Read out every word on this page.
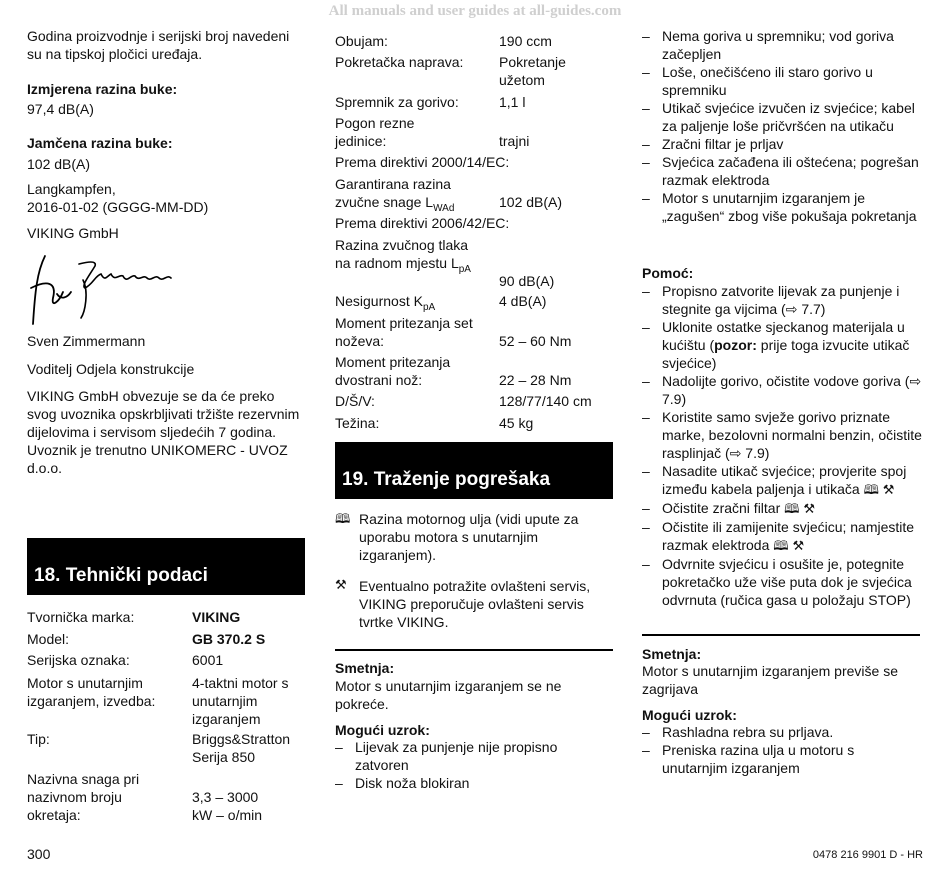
All manuals and user guides at all-guides.com

Godina proizvodnje i serijski broj navedeni su na tipskoj pločici uređaja.

Izmjerena razina buke:

97,4 dB(A)

Jamčena razina buke:

102 dB(A)

Langkampfen,

2016-01-02 (GGGG-MM-DD)

VIKING GmbH

Sven Zimmermann

Voditelj Odjela konstrukcije

VIKING GmbH obvezuje se da će preko svog uvoznika opskrbljivati tržište rezervnim dijelovima i servisom sljedećih 7 godina. Uvoznik je trenutno UNIKOMERC - UVOZ d.o.o.

18. Tehnički podaci
Tvornička marka:	VIKING
Model:	GB 370.2 S
Serijska oznaka:	6001
Motor s unutarnjim izgaranjem, izvedba:
4-taktni motor s unutarnjim izgaranjem
Tip:	Briggs&Stratton Serija 850
Nazivna snaga pri nazivnom broju okretaja:
3,3 – 3000 kW – o/min

300

Obujam:	190 ccm
Pokretačka naprava:	Pokretanje užetom
Spremnik za gorivo:	1,1 l
Pogon rezne jedinice:	trajni
Prema direktivi 2000/14/EC:
Garantirana razina zvučne snage $L_{WAd}$	102 dB(A)
Prema direktivi 2006/42/EC:
Razina zvučnog tlaka na radnom mjestu $L_{pA}$
90 dB(A)
Nesigurnost $K_{pA}$	4 dB(A)
Moment pritezanja set noževa:	52 – 60 Nm
Moment pritezanja dvostrani nož:	22 – 28 Nm
D/Š/V:	128/77/140 cm
Težina:	45 kg
19. Traženje pogrešaka
🕮 Razina motornog ulja (vidi upute za uporabu motora s unutarnjim izgaranjem).

⚒ Eventualno potražite ovlašteni servis, VIKING preporučuje ovlašteni servis tvrtke VIKING.

Smetnja:

Motor s unutarnjim izgaranjem se ne pokreće.

Mogući uzrok:

– Lijevak za punjenje nije propisno zatvoren
– Disk noža blokiran
– Nema goriva u spremniku; vod goriva začepljen
– Loše, onečišćeno ili staro gorivo u spremniku
– Utikač svjećice izvučen iz svjećice; kabel za paljenje loše pričvršćen na utikaču
– Zračni filtar je prljav
– Svjećica začađena ili oštećena; pogrešan razmak elektroda
– Motor s unutarnjim izgaranjem je „zagušen“ zbog više pokušaja pokretanja

Pomoć:

– Propisno zatvorite lijevak za punjenje i stegnite ga vijcima (⇨ 7.7)
– Uklonite ostatke sjeckanog materijala u kućištu (pozor: prije toga izvucite utikač svjećice)
– Nadolijte gorivo, očistite vodove goriva (⇨ 7.9)
– Koristite samo svježe gorivo priznate marke, bezolovni normalni benzin, očistite rasplinjač (⇨ 7.9)
– Nasadite utikač svjećice; provjerite spoj između kabela paljenja i utikača 🕮 ⚒
– Očistite zračni filtar 🕮 ⚒
– Očistite ili zamijenite svjećicu; namjestite razmak elektroda 🕮 ⚒
– Odvrnite svjećicu i osušite je, potegnite pokretačko uže više puta dok je svjećica odvrnuta (ručica gasa u položaju STOP)

Smetnja:

Motor s unutarnjim izgaranjem previše se zagrijava

Mogući uzrok:

– Rashladna rebra su prljava.
– Preniska razina ulja u motoru s unutarnjim izgaranjem

0478 216 9901 D - HR
